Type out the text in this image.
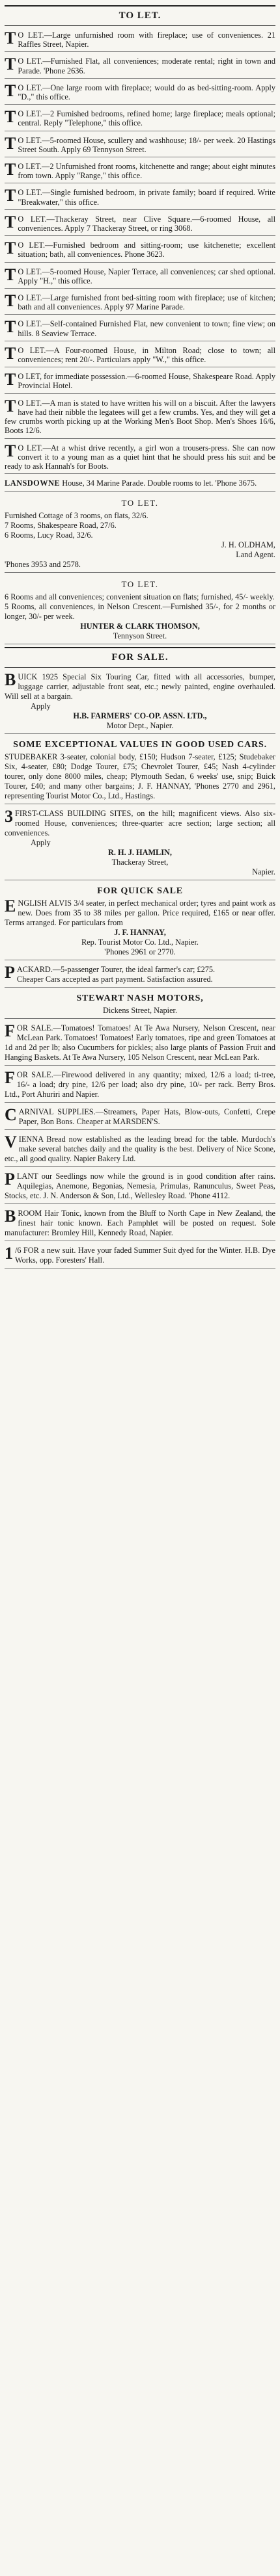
TO LET.

T O LET.—Large unfurnished room with fireplace; use of conveniences. 21 Raffles Street, Napier.

T O LET.—Furnished Flat, all conveniences; moderate rental; right in town and Parade. 'Phone 2636.

T O LET.—One large room with fireplace; would do as bed-sitting-room. Apply "D.," this office.

T O LET.—2 Furnished bedrooms, refined home; large fireplace; meals optional; central. Reply "Telephone," this office.

T O LET.—5-roomed House, scullery and washhouse; 18/- per week. 20 Hastings Street South. Apply 69 Tennyson Street.

T O LET.—2 Unfurnished front rooms, kitchenette and range; about eight minutes from town. Apply "Range," this office.

T O LET.—Single furnished bedroom, in private family; board if required. Write "Breakwater," this office.

T O LET.—Thackeray Street, near Clive Square.—6-roomed House, all conveniences. Apply 7 Thackeray Street, or ring 3068.

T O LET.—Furnished bedroom and sitting-room; use kitchenette; excellent situation; bath, all conveniences. Phone 3623.

T O LET.—5-roomed House, Napier Terrace, all conveniences; car shed optional. Apply "H.," this office.

T O LET.—Large furnished front bed-sitting room with fireplace; use of kitchen; bath and all conveniences. Apply 97 Marine Parade.

T O LET.—Self-contained Furnished Flat, new convenient to town; fine view; on hills. 8 Seaview Terrace.

T O LET.—A Four-roomed House, in Milton Road; close to town; all conveniences; rent 20/-. Particulars apply "W.," this office.

T O LET, for immediate possession.—6-roomed House, Shakespeare Road. Apply Provincial Hotel.

T O LET.—A man is stated to have written his will on a biscuit. After the lawyers have had their nibble the legatees will get a few crumbs. Yes, and they will get a few crumbs worth picking up at the Working Men's Boot Shop. Men's Shoes 16/6, Boots 12/6.

T O LET.—At a whist drive recently, a girl won a trousers-press. She can now convert it to a young man as a quiet hint that he should press his suit and be ready to ask Hannah's for Boots.

LANSDOWNE House, 34 Marine Parade. Double rooms to let. 'Phone 3675.

TO LET.

Furnished Cottage of 3 rooms, on flats, 32/6.

7 Rooms, Shakespeare Road, 27/6.

6 Rooms, Lucy Road, 32/6.

J. H. OLDHAM,

Land Agent.

'Phones 3953 and 2578.

TO LET.

6 Rooms and all conveniences; convenient situation on flats; furnished, 45/- weekly.

5 Rooms, all conveniences, in Nelson Crescent.—Furnished 35/-, for 2 months or longer, 30/- per week.

HUNTER & CLARK THOMSON,

Tennyson Street.

FOR SALE.

BUICK 1925 Special Six Touring Car, fitted with all accessories, bumper, luggage carrier, adjustable front seat, etc.; newly painted, engine overhauled. Will sell at a bargain.

Apply

H.B. FARMERS' CO-OP. ASSN. LTD.,

Motor Dept., Napier.

SOME EXCEPTIONAL VALUES IN GOOD USED CARS.

STUDEBAKER 3-seater, colonial body, £150; Hudson 7-seater, £125; Studebaker Six, 4-seater, £80; Dodge Tourer, £75; Chevrolet Tourer, £45; Nash 4-cylinder tourer, only done 8000 miles, cheap; Plymouth Sedan, 6 weeks' use, snip; Buick Tourer, £40; and many other bargains; J. F. HANNAY, 'Phones 2770 and 2961, representing Tourist Motor Co., Ltd., Hastings.

3 FIRST-CLASS BUILDING SITES, on the hill; magnificent views. Also six-roomed House, conveniences; three-quarter acre section; large section; all conveniences.

Apply

R. H. J. HAMLIN,

Thackeray Street,

Napier.

FOR QUICK SALE

ENGLISH ALVIS 3/4 seater, in perfect mechanical order; tyres and paint work as new. Does from 35 to 38 miles per gallon. Price required, £165 or near offer. Terms arranged. For particulars from

J. F. HANNAY,

Rep. Tourist Motor Co. Ltd., Napier.

'Phones 2961 or 2770.

PACKARD.—5-passenger Tourer, the ideal farmer's car; £275.

Cheaper Cars accepted as part payment. Satisfaction assured.

STEWART NASH MOTORS,

Dickens Street, Napier.

FOR SALE.—Tomatoes! Tomatoes! At Te Awa Nursery, Nelson Crescent, near McLean Park. Tomatoes! Tomatoes! Early tomatoes, ripe and green Tomatoes at 1d and 2d per lb; also Cucumbers for pickles; also large plants of Passion Fruit and Hanging Baskets. At Te Awa Nursery, 105 Nelson Crescent, near McLean Park.

FOR SALE.—Firewood delivered in any quantity; mixed, 12/6 a load; ti-tree, 16/- a load; dry pine, 12/6 per load; also dry pine, 10/- per rack. Berry Bros. Ltd., Port Ahuriri and Napier.

CARNIVAL SUPPLIES.—Streamers, Paper Hats, Blow-outs, Confetti, Crepe Paper, Bon Bons. Cheaper at MARSDEN'S.

VIENNA Bread now established as the leading bread for the table. Murdoch's make several batches daily and the quality is the best. Delivery of Nice Scone, etc., all good quality. Napier Bakery Ltd.

PLANT our Seedlings now while the ground is in good condition after rains. Aquilegias, Anemone, Begonias, Nemesia, Primulas, Ranunculus, Sweet Peas, Stocks, etc. J. N. Anderson & Son, Ltd., Wellesley Road. 'Phone 4112.

BROOM Hair Tonic, known from the Bluff to North Cape in New Zealand, the finest hair tonic known. Each Pamphlet will be posted on request. Sole manufacturer: Bromley Hill, Kennedy Road, Napier.

1 /6 FOR a new suit. Have your faded Summer Suit dyed for the Winter. H.B. Dye Works, opp. Foresters' Hall.
